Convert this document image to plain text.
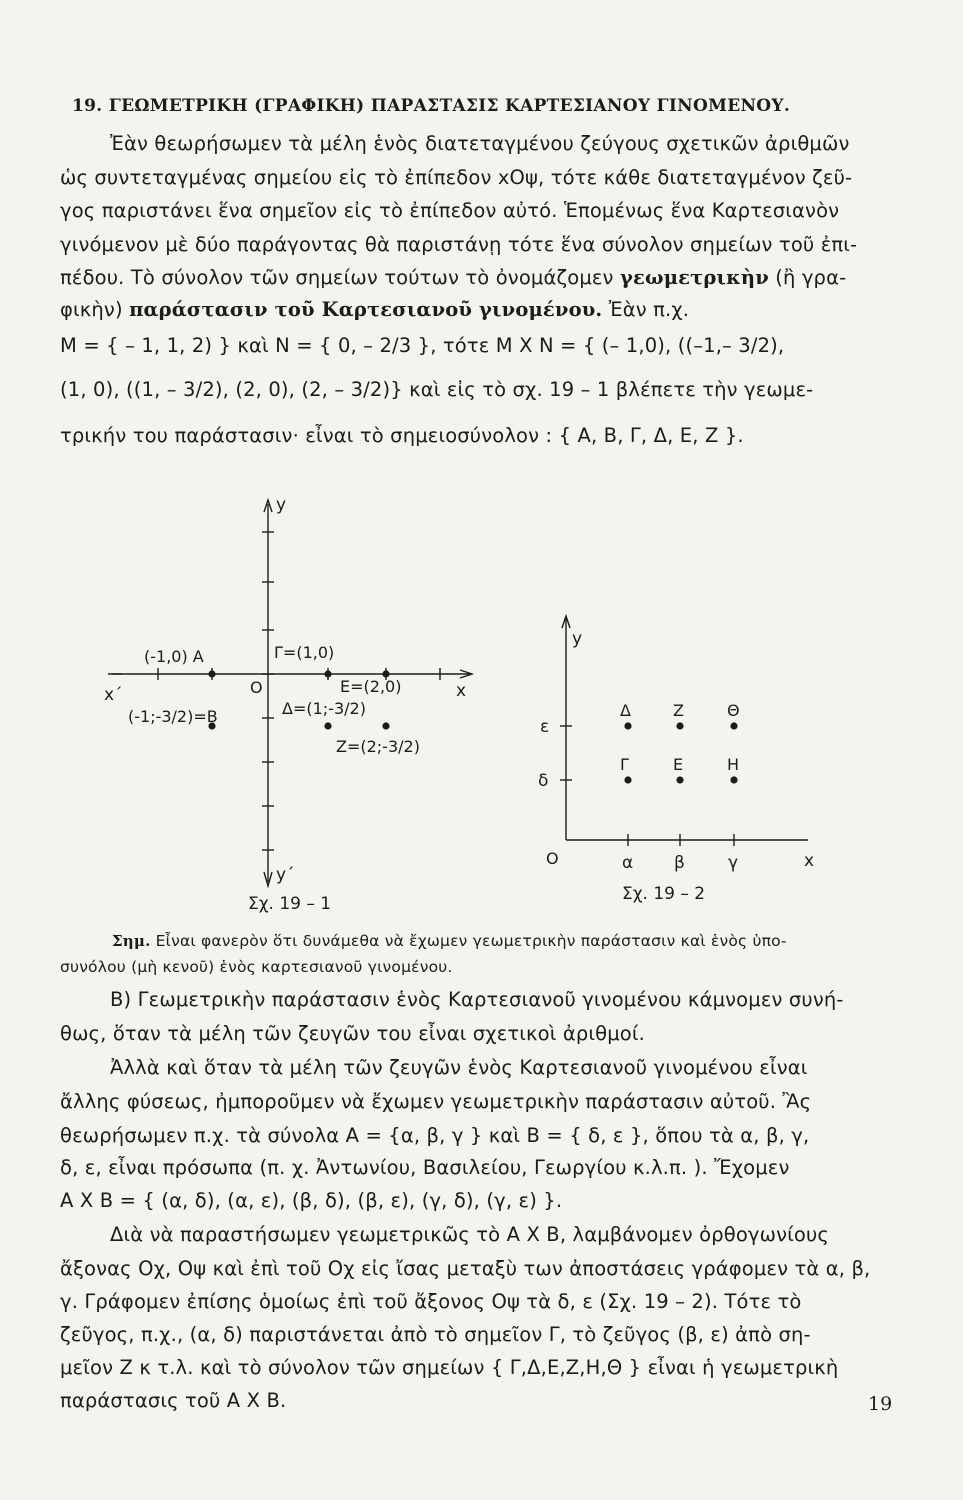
19. ΓΕΩΜΕΤΡΙΚΗ (ΓΡΑΦΙΚΗ) ΠΑΡΑΣΤΑΣΙΣ ΚΑΡΤΕΣΙΑΝΟΥ ΓΙΝΟΜΕΝΟΥ.
Ἐὰν θεωρήσωμεν τὰ μέλη ἑνὸς διατεταγμένου ζεύγους σχετικῶν ἀριθμῶν
ὡς συντεταγμένας σημείου εἰς τὸ ἐπίπεδον xOψ, τότε κάθε διατεταγμένον ζεῦ-
γος παριστάνει ἕνα σημεῖον εἰς τὸ ἐπίπεδον αὐτό. Ἑπομένως ἕνα Καρτεσιανὸν
γινόμενον μὲ δύο παράγοντας θὰ παριστάνῃ τότε ἕνα σύνολον σημείων τοῦ ἐπι-
πέδου. Τὸ σύνολον τῶν σημείων τούτων τὸ ὀνομάζομεν γεωμετρικὴν (ἢ γρα-
φικὴν) παράστασιν τοῦ Καρτεσιανοῦ γινομένου. Ἐὰν π.χ.
M = { – 1, 1, 2) } καὶ N = { 0, – 2/3 }, τότε M X N = { (– 1,0), ((–1,– 3/2),
(1, 0), ((1, – 3/2), (2, 0), (2, – 3/2)} καὶ εἰς τὸ σχ. 19 – 1 βλέπετε τὴν γεωμε-
τρικήν του παράστασιν· εἶναι τὸ σημειοσύνολον : { A, B, Γ, Δ, E, Z }.
y
y΄
x
x΄	O
(-1,0) A
(-1;-3/2)=B
Γ=(1,0)
E=(2,0)
Δ=(1;-3/2)
Z=(2;-3/2)
Σχ. 19 – 1
y
x
O	α β	γ
δ
ε
Δ	Z	Θ
Γ	E	H
Σχ. 19 – 2
Σημ. Εἶναι φανερὸν ὅτι δυνάμεθα νὰ ἔχωμεν γεωμετρικὴν παράστασιν καὶ ἑνὸς ὑπο-
συνόλου (μὴ κενοῦ) ἑνὸς καρτεσιανοῦ γινομένου.
B) Γεωμετρικὴν παράστασιν ἑνὸς Καρτεσιανοῦ γινομένου κάμνομεν συνή-
θως, ὅταν τὰ μέλη τῶν ζευγῶν του εἶναι σχετικοὶ ἀριθμοί.
Ἀλλὰ καὶ ὅταν τὰ μέλη τῶν ζευγῶν ἑνὸς Καρτεσιανοῦ γινομένου εἶναι
ἄλλης φύσεως, ἠμποροῦμεν νὰ ἔχωμεν γεωμετρικὴν παράστασιν αὐτοῦ. Ἂς
θεωρήσωμεν π.χ. τὰ σύνολα A = {α, β, γ } καὶ B = { δ, ε }, ὅπου τὰ α, β, γ,
δ, ε, εἶναι πρόσωπα (π. χ. Ἀντωνίου, Βασιλείου, Γεωργίου κ.λ.π. ). Ἔχομεν
A X B = { (α, δ), (α, ε), (β, δ), (β, ε), (γ, δ), (γ, ε) }.
Διὰ νὰ παραστήσωμεν γεωμετρικῶς τὸ A X B, λαμβάνομεν ὀρθογωνίους
ἄξονας Οχ, Οψ καὶ ἐπὶ τοῦ Οχ εἰς ἴσας μεταξὺ των ἀποστάσεις γράφομεν τὰ α, β,
γ. Γράφομεν ἐπίσης ὁμοίως ἐπὶ τοῦ ἄξονος Οψ τὰ δ, ε (Σχ. 19 – 2). Τότε τὸ
ζεῦγος, π.χ., (α, δ) παριστάνεται ἀπὸ τὸ σημεῖον Γ, τὸ ζεῦγος (β, ε) ἀπὸ ση-
μεῖον Z κ τ.λ. καὶ τὸ σύνολον τῶν σημείων { Γ,Δ,E,Z,H,Θ } εἶναι ἡ γεωμετρικὴ
παράστασις τοῦ A X B.	19
